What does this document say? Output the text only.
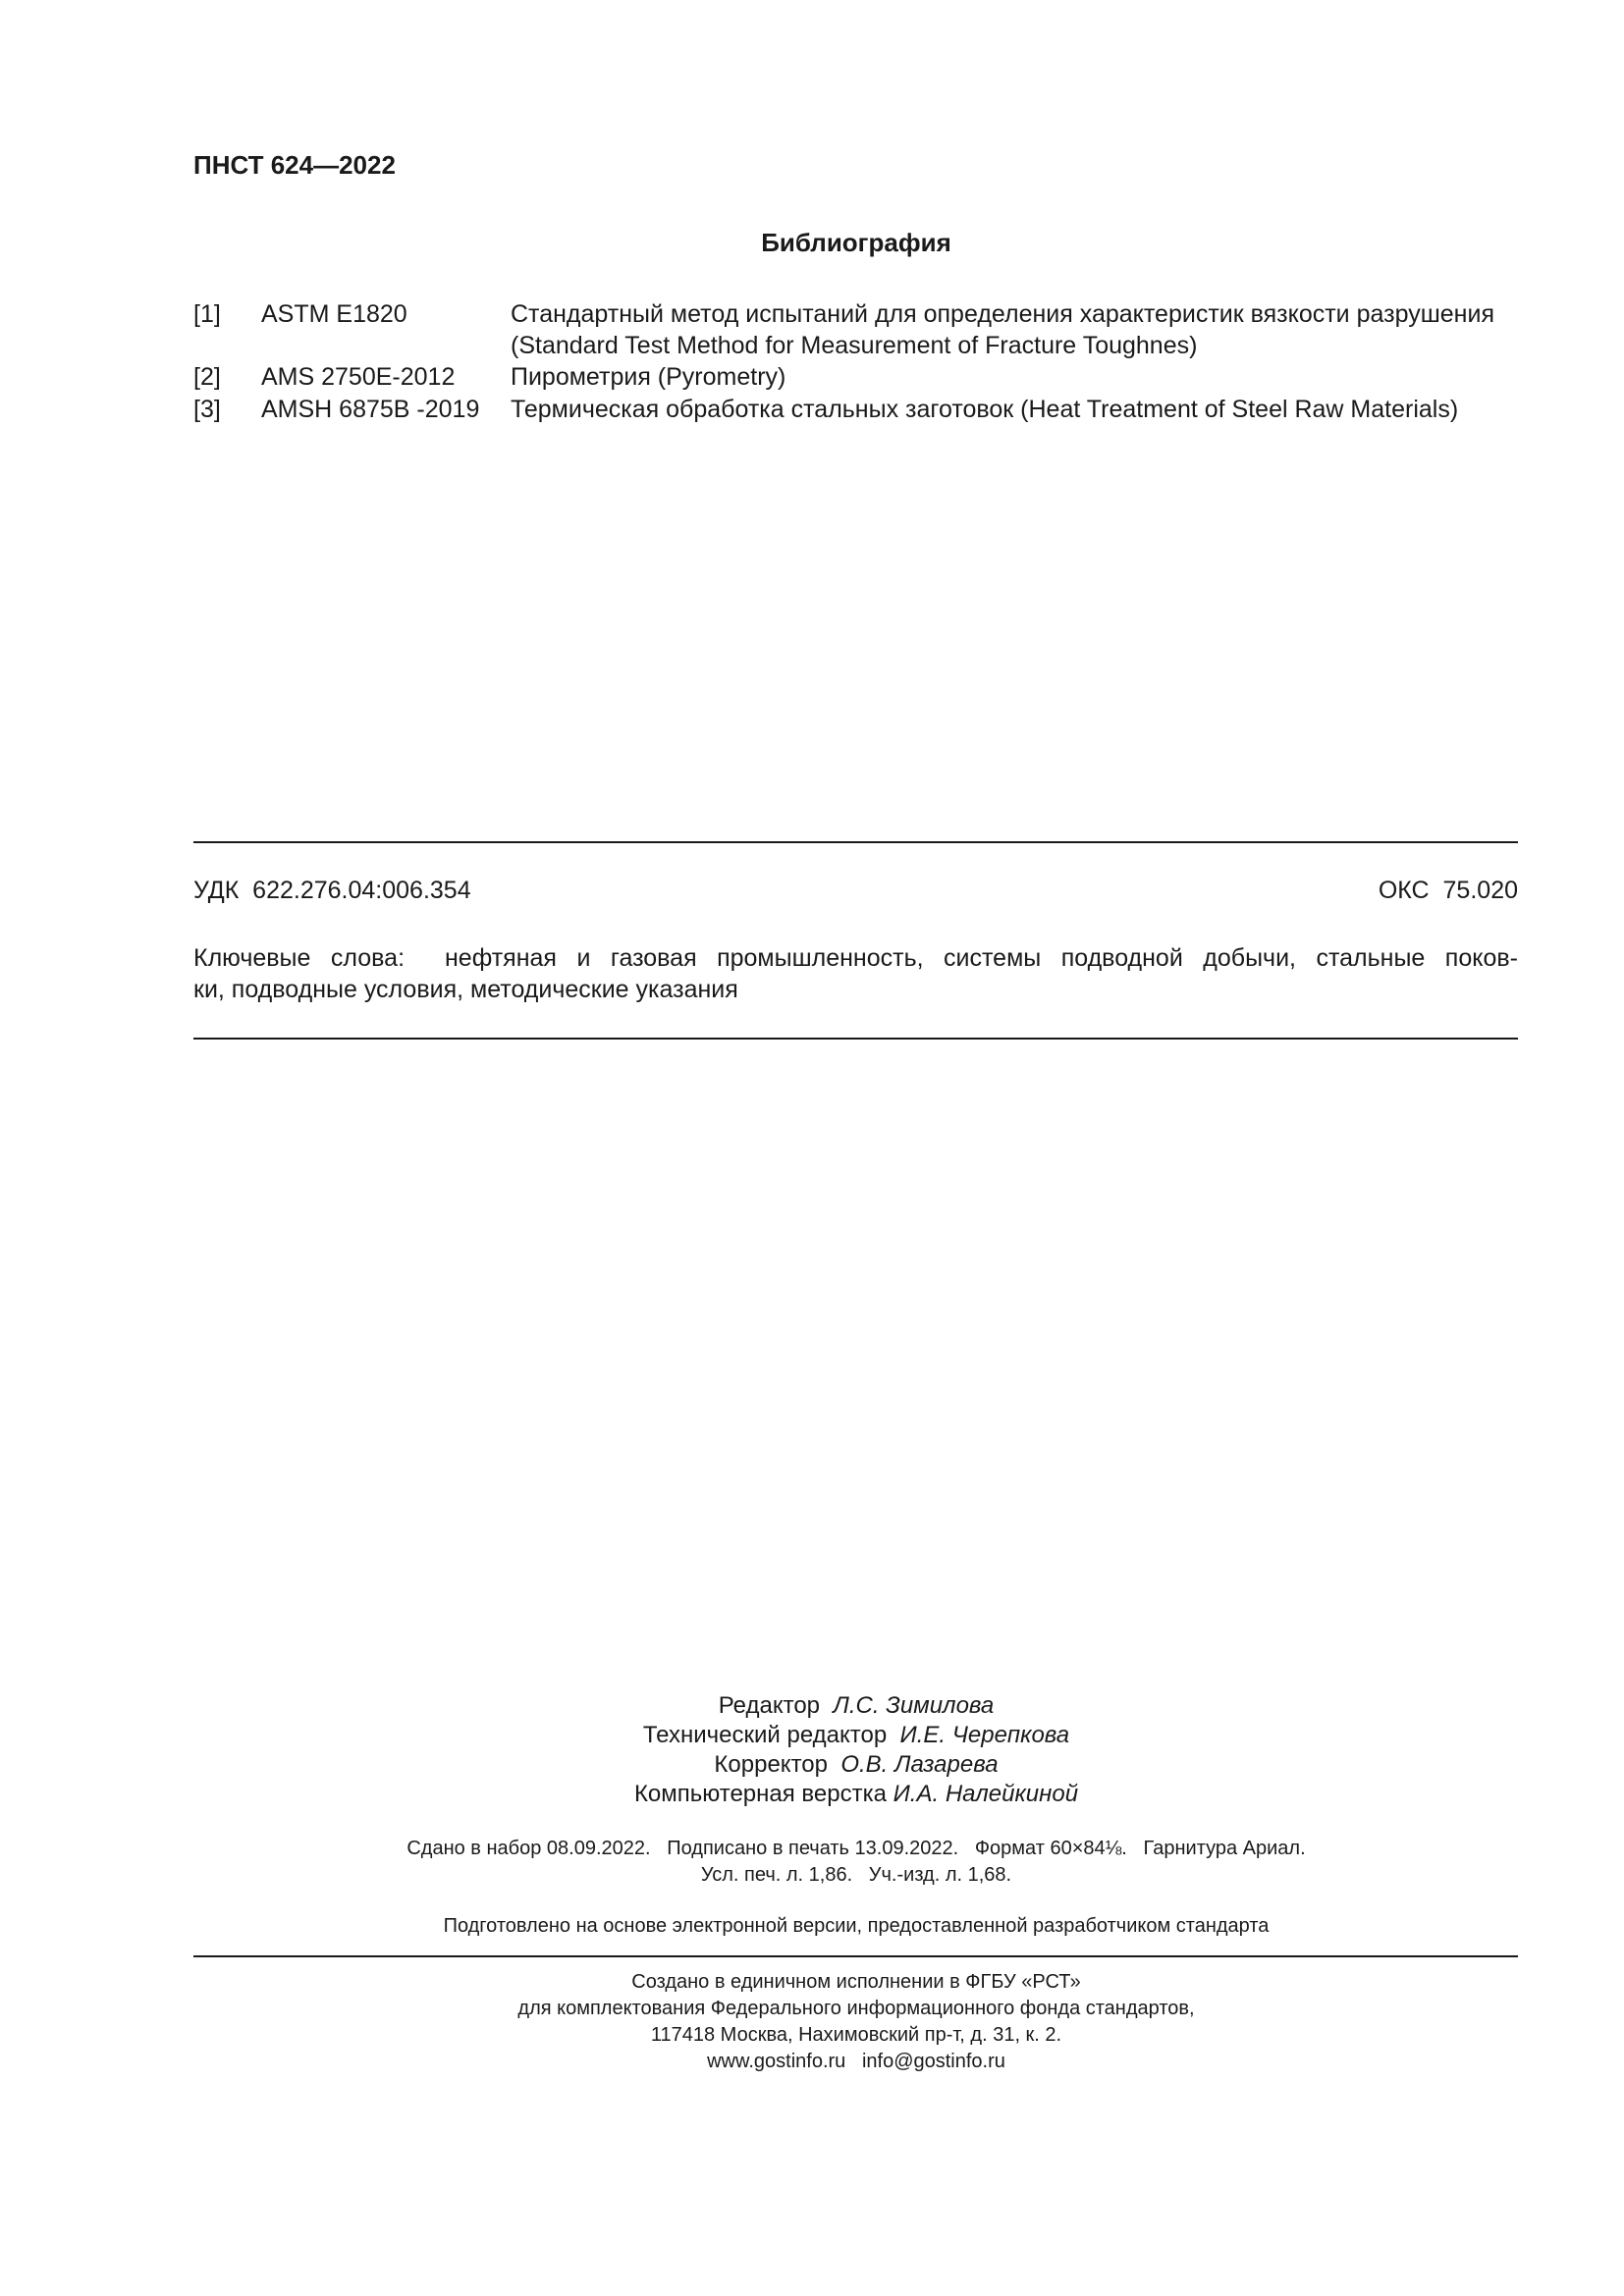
ПНСТ 624—2022
Библиография
[1] ASTM E1820	Стандартный метод испытаний для определения характеристик вязкости разрушения
(Standard Test Method for Measurement of Fracture Toughnes)
[2] AMS 2750E-2012 Пирометрия (Pyrometry)
[3] AMSH 6875B -2019 Термическая обработка стальных заготовок (Heat Treatment of Steel Raw Materials)
УДК 622.276.04:006.354	ОКС 75.020
Ключевые слова: нефтяная и газовая промышленность, системы подводной добычи, стальные поков-
ки, подводные условия, методические указания
Редактор Л.С. Зимилова
Технический редактор И.Е. Черепкова
Корректор О.В. Лазарева
Компьютерная верстка И.А. Налейкиной
Сдано в набор 08.09.2022.   Подписано в печать 13.09.2022.   Формат 60×84⅛.   Гарнитура Ариал.
Усл. печ. л. 1,86.   Уч.-изд. л. 1,68.
Подготовлено на основе электронной версии, предоставленной разработчиком стандарта
Создано в единичном исполнении в ФГБУ «РСТ»
для комплектования Федерального информационного фонда стандартов,
117418 Москва, Нахимовский пр-т, д. 31, к. 2.
www.gostinfo.ru info@gostinfo.ru
